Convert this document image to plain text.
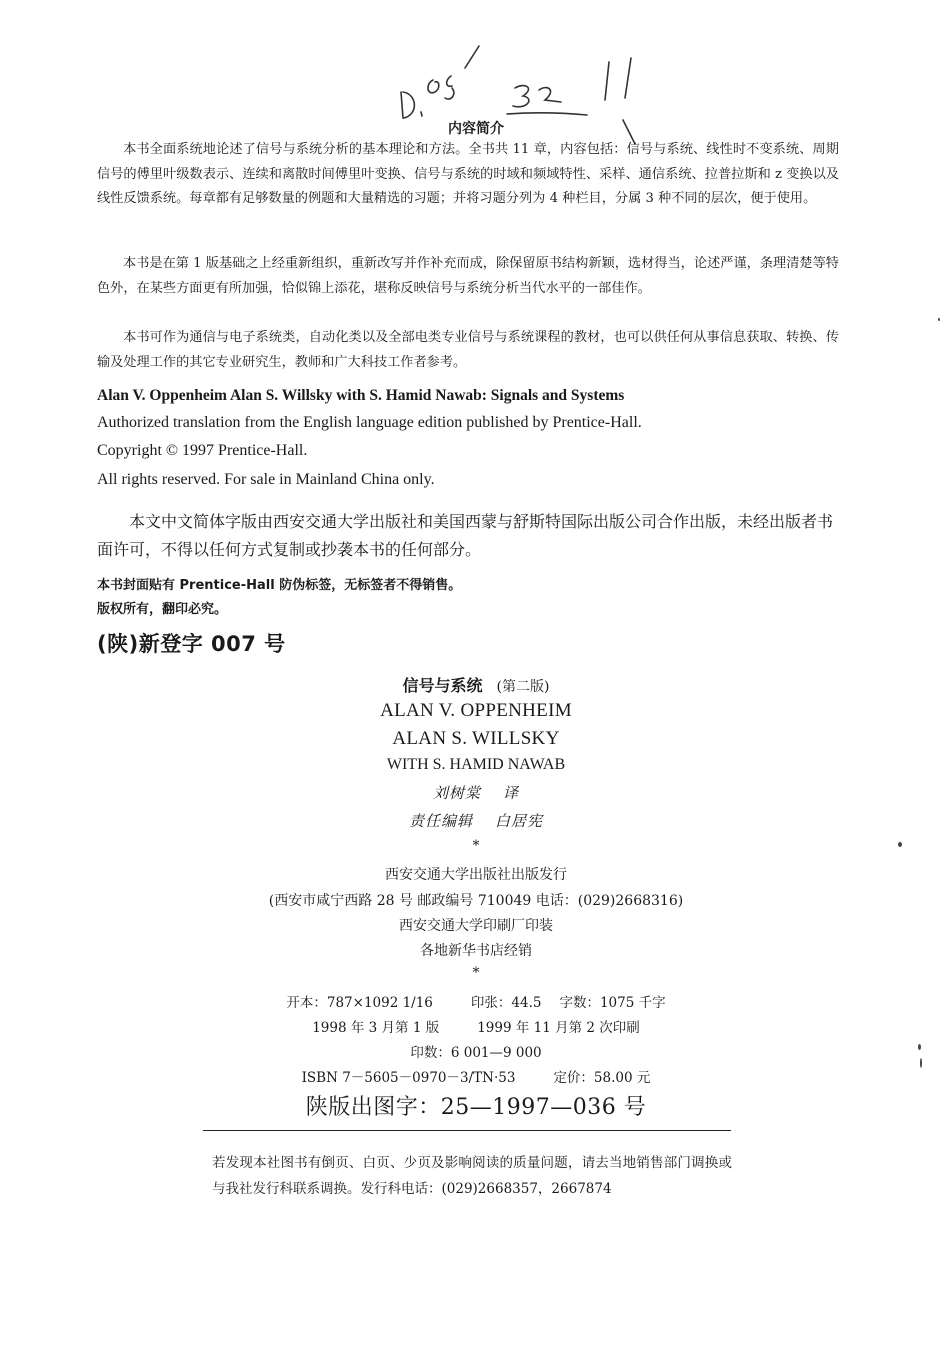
内容简介

本书全面系统地论述了信号与系统分析的基本理论和方法。全书共 11 章，内容包括：信号与系统、线性时不变系统、周期信号的傅里叶级数表示、连续和离散时间傅里叶变换、信号与系统的时域和频域特性、采样、通信系统、拉普拉斯和 z 变换以及线性反馈系统。每章都有足够数量的例题和大量精选的习题；并将习题分列为 4 种栏目，分属 3 种不同的层次，便于使用。

本书是在第 1 版基础之上经重新组织，重新改写并作补充而成，除保留原书结构新颖，选材得当，论述严谨，条理清楚等特色外，在某些方面更有所加强，恰似锦上添花，堪称反映信号与系统分析当代水平的一部佳作。

本书可作为通信与电子系统类，自动化类以及全部电类专业信号与系统课程的教材，也可以供任何从事信息获取、转换、传输及处理工作的其它专业研究生，教师和广大科技工作者参考。

Alan V. Oppenheim Alan S. Willsky with S. Hamid Nawab: Signals and Systems
Authorized translation from the English language edition published by Prentice-Hall.
Copyright © 1997 Prentice-Hall.
All rights reserved. For sale in Mainland China only.

本文中文简体字版由西安交通大学出版社和美国西蒙与舒斯特国际出版公司合作出版，未经出版者书面许可，不得以任何方式复制或抄袭本书的任何部分。

本书封面贴有 Prentice-Hall 防伪标签，无标签者不得销售。
版权所有，翻印必究。
(陕)新登字 007 号
信号与系统 (第二版)
ALAN V. OPPENHEIM
ALAN S. WILLSKY
WITH S. HAMID NAWAB
刘树棠 译
责任编辑 白居宪
*
西安交通大学出版社出版发行
(西安市咸宁西路 28 号 邮政编号 710049 电话：(029)2668316)
西安交通大学印刷厂印装
各地新华书店经销
*
开本：787×1092 1/16	印张：44.5 字数：1075 千字
1998 年 3 月第 1 版	1999 年 11 月第 2 次印刷
印数：6 001—9 000
ISBN 7－5605－0970－3/TN·53	定价：58.00 元
陕版出图字：25—1997—036 号

若发现本社图书有倒页、白页、少页及影响阅读的质量问题，请去当地销售部门调换或与我社发行科联系调换。发行科电话：(029)2668357，2667874
